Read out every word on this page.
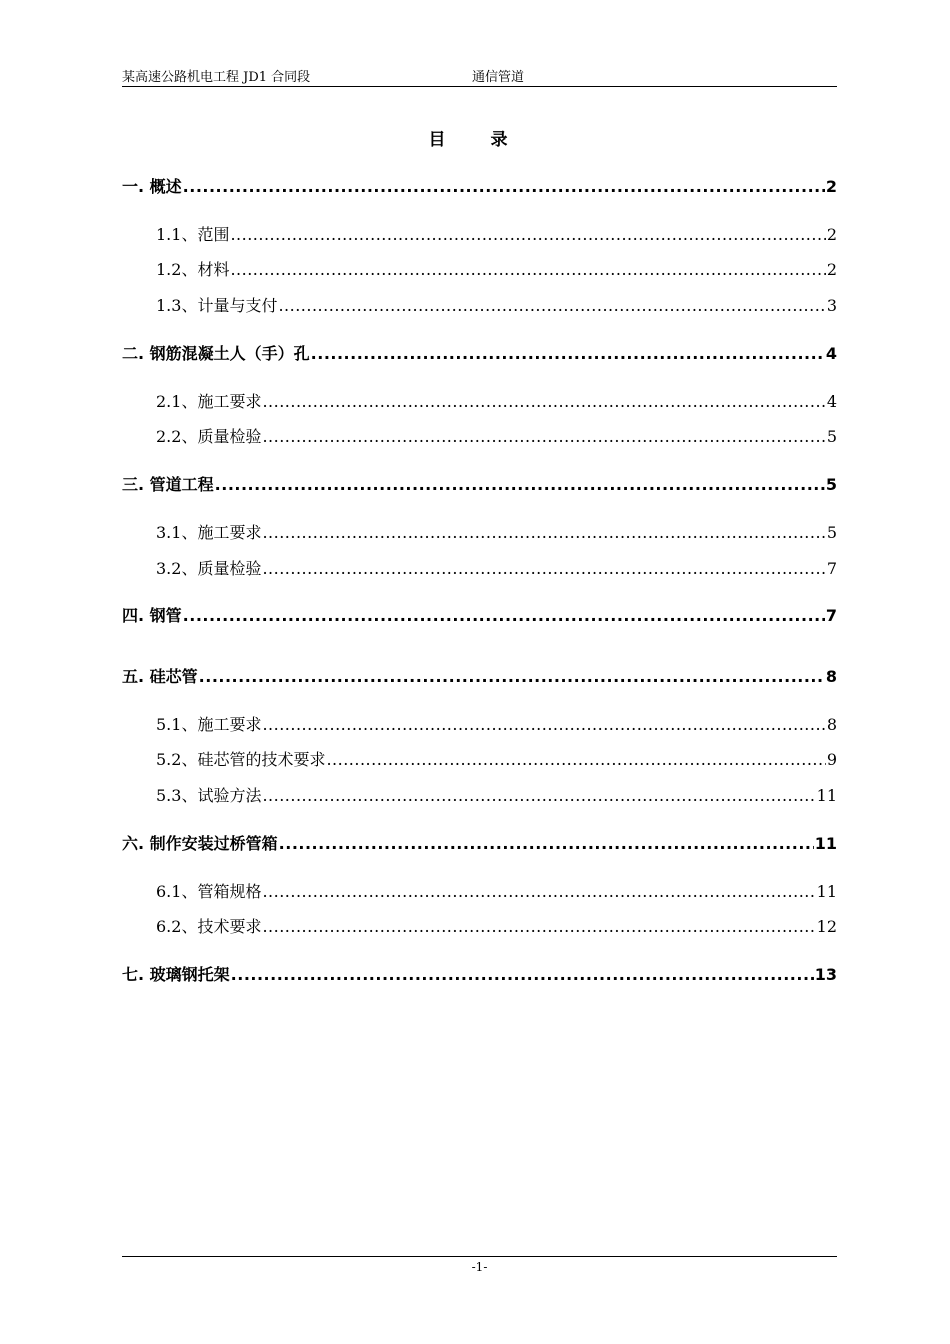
某高速公路机电工程 JD1 合同段	通信管道
目　录
一. 概述 .....	2
1.1、范围 .....	2
1.2、材料 .....	2
1.3、计量与支付 .....	3
二. 钢筋混凝土人（手）孔 .....	4
2.1、施工要求 .....	4
2.2、质量检验 .....	5
三. 管道工程 .....	5
3.1、施工要求 .....	5
3.2、质量检验 .....	7
四. 钢管 .....	7
五. 硅芯管 .....	8
5.1、施工要求 .....	8
5.2、硅芯管的技术要求 .....	9
5.3、试验方法 .....	11
六. 制作安装过桥管箱 .....	11
6.1、管箱规格 .....	11
6.2、技术要求 .....	12
七. 玻璃钢托架 .....	13
-1-
